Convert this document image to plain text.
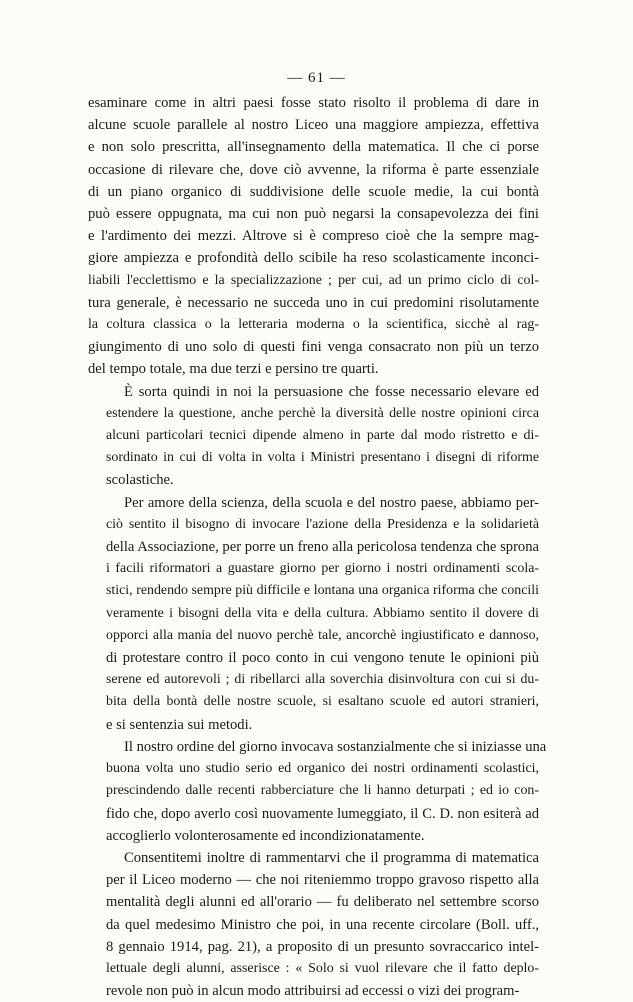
— 61 —
esaminare come in altri paesi fosse stato risolto il problema di dare in
alcune scuole parallele al nostro Liceo una maggiore ampiezza, effettiva
e non solo prescritta, all'insegnamento della matematica. Il che ci porse
occasione di rilevare che, dove ciò avvenne, la riforma è parte essenziale
di un piano organico di suddivisione delle scuole medie, la cui bontà
può essere oppugnata, ma cui non può negarsi la consapevolezza dei fini
e l'ardimento dei mezzi. Altrove si è compreso cioè che la sempre mag-
giore ampiezza e profondità dello scibile ha reso scolasticamente inconci-
liabili l'ecclettismo e la specializzazione ; per cui, ad un primo ciclo di col-
tura generale, è necessario ne succeda uno in cui predomini risolutamente
la coltura classica o la letteraria moderna o la scientifica, sicchè al rag-
giungimento di uno solo di questi fini venga consacrato non più un terzo
del tempo totale, ma due terzi e persino tre quarti.
È sorta quindi in noi la persuasione che fosse necessario elevare ed
estendere la questione, anche perchè la diversità delle nostre opinioni circa
alcuni particolari tecnici dipende almeno in parte dal modo ristretto e di-
sordinato in cui di volta in volta i Ministri presentano i disegni di riforme
scolastiche.
Per amore della scienza, della scuola e del nostro paese, abbiamo per-
ciò sentito il bisogno di invocare l'azione della Presidenza e la solidarietà
della Associazione, per porre un freno alla pericolosa tendenza che sprona
i facili riformatori a guastare giorno per giorno i nostri ordinamenti scola-
stici, rendendo sempre più difficile e lontana una organica riforma che concili
veramente i bisogni della vita e della cultura. Abbiamo sentito il dovere di
opporci alla mania del nuovo perchè tale, ancorchè ingiustificato e dannoso,
di protestare contro il poco conto in cui vengono tenute le opinioni più
serene ed autorevoli ; di ribellarci alla soverchia disinvoltura con cui si du-
bita della bontà delle nostre scuole, si esaltano scuole ed autori stranieri,
e si sentenzia sui metodi.
Il nostro ordine del giorno invocava sostanzialmente che si iniziasse una
buona volta uno studio serio ed organico dei nostri ordinamenti scolastici,
prescindendo dalle recenti rabberciature che li hanno deturpati ; ed io con-
fido che, dopo averlo così nuovamente lumeggiato, il C. D. non esiterà ad
accoglierlo volonterosamente ed incondizionatamente.
Consentitemi inoltre di rammentarvi che il programma di matematica
per il Liceo moderno — che noi riteniemmo troppo gravoso rispetto alla
mentalità degli alunni ed all'orario — fu deliberato nel settembre scorso
da quel medesimo Ministro che poi, in una recente circolare (Boll. uff.,
8 gennaio 1914, pag. 21), a proposito di un presunto sovraccarico intel-
lettuale degli alunni, asserisce : « Solo si vuol rilevare che il fatto deplo-
revole non può in alcun modo attribuirsi ad eccessi o vizi dei program-
